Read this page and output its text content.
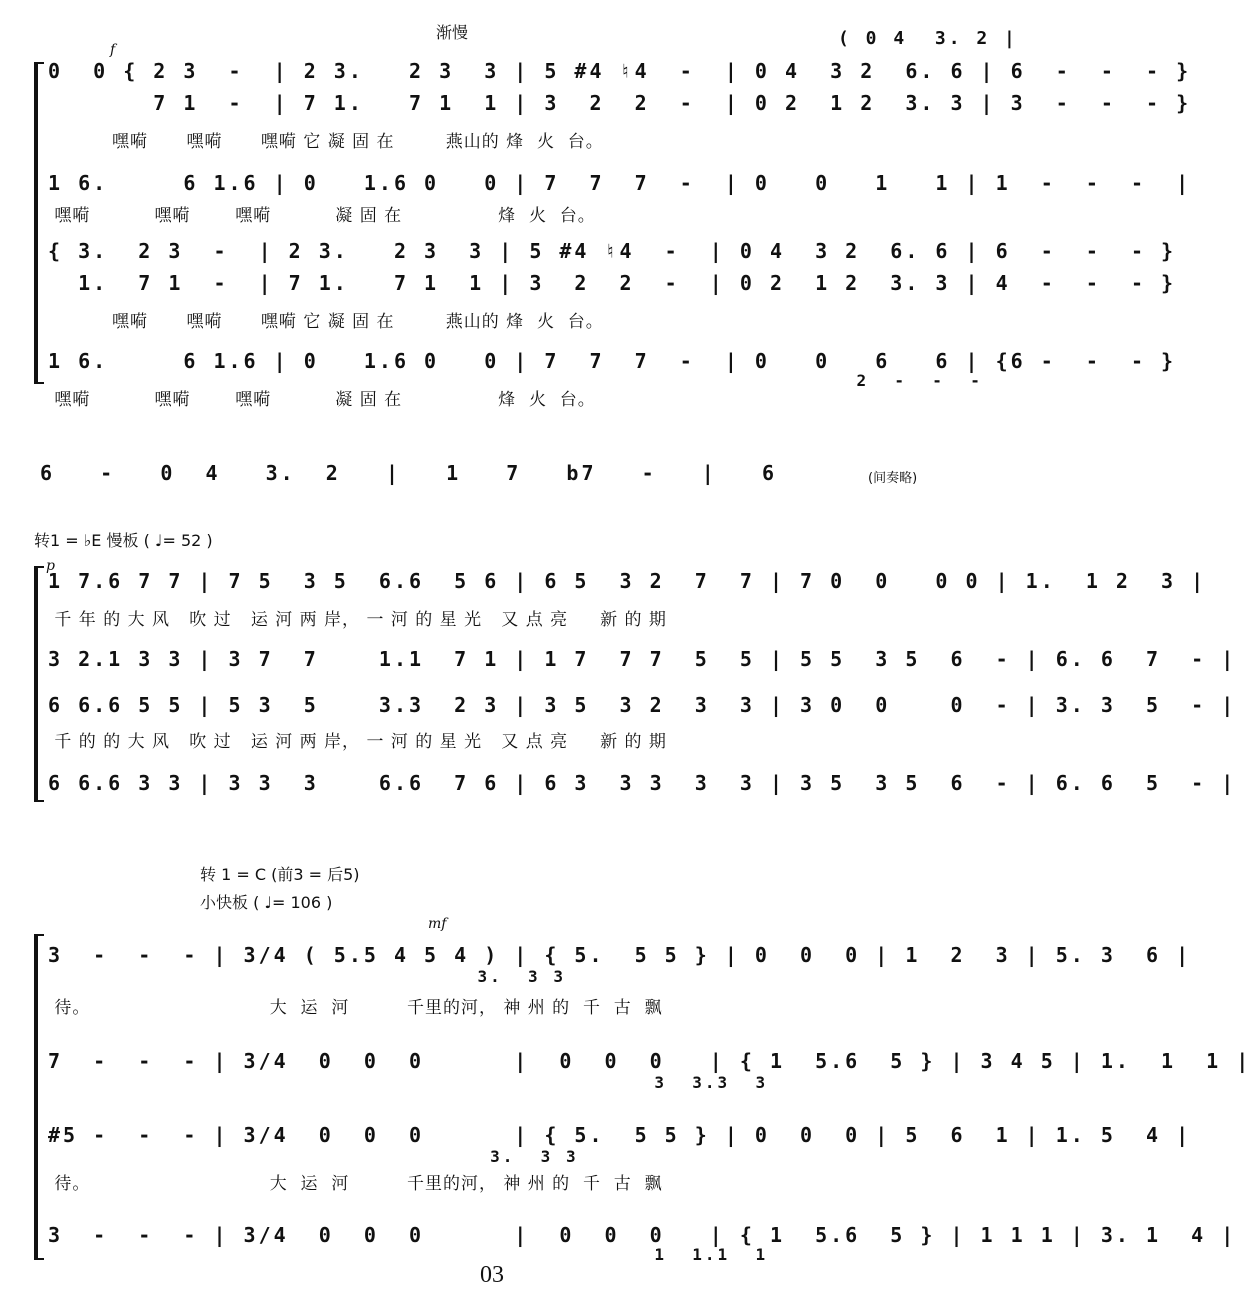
渐慢	( 0 4  3. 2 |
f
0  0 { 2 3  -  | 2 3.   2 3  3 | 5 #4 ♮4  -  | 0 4  3 2  6. 6 | 6  -  -  - }
7 1  -  | 7 1.   7 1  1 | 3  2  2  -  | 0 2  1 2  3. 3 | 3  -  -  - }
嘿嗬      嘿嗬      嘿嗬 它 凝 固 在        燕山的 烽  火  台。
1 6.     6 1.6 | 0   1.6 0   0 | 7  7  7  -  | 0   0   1   1 | 1  -  -  -  |
嘿嗬          嘿嗬       嘿嗬          凝 固 在               烽  火  台。
{ 3.  2 3  -  | 2 3.   2 3  3 | 5 #4 ♮4  -  | 0 4  3 2  6. 6 | 6  -  -  - }
1.  7 1  -  | 7 1.   7 1  1 | 3  2  2  -  | 0 2  1 2  3. 3 | 4  -  -  - }
嘿嗬      嘿嗬      嘿嗬 它 凝 固 在        燕山的 烽  火  台。
1 6.     6 1.6 | 0   1.6 0   0 | 7  7  7  -  | 0   0   6   6 | {6 -  -  - }
2  -  -  -
嘿嗬          嘿嗬       嘿嗬          凝 固 在               烽  火  台。
6   -   0  4   3.  2   |   1   7   b7   -   |   6	(间奏略)
转1 = ♭E 慢板 ( ♩= 52 )
p
1 7.6 7 7 | 7 5  3 5  6.6  5 6 | 6 5  3 2  7  7 | 7 0  0   0 0 | 1.  1 2  3 |
千 年 的 大 风   吹 过   运 河 两 岸， 一 河 的 星 光   又 点 亮     新 的 期
3 2.1 3 3 | 3 7  7    1.1  7 1 | 1 7  7 7  5  5 | 5 5  3 5  6  - | 6. 6  7  - |
6 6.6 5 5 | 5 3  5    3.3  2 3 | 3 5  3 2  3  3 | 3 0  0    0  - | 3. 3  5  - |
千 的 的 大 风   吹 过   运 河 两 岸， 一 河 的 星 光   又 点 亮     新 的 期
6 6.6 3 3 | 3 3  3    6.6  7 6 | 6 3  3 3  3  3 | 3 5  3 5  6  - | 6. 6  5  - |
转 1 = C (前3 = 后5)
小快板 ( ♩= 106 )
mf
3  -  -  - | 3/4 ( 5.5 4 5 4 ) | { 5.  5 5 } | 0  0  0 | 1  2  3 | 5. 3  6 |
3.  3 3
待。                            大  运  河         千里的河， 神 州 的  千  古  飘
7  -  -  - | 3/4  0  0  0      |  0  0  0   | { 1  5.6  5 } | 3 4 5 | 1.  1  1 |
3  3.3  3
#5 -  -  - | 3/4  0  0  0      | { 5.  5 5 } | 0  0  0 | 5  6  1 | 1. 5  4 |
3.  3 3
待。                            大  运  河         千里的河， 神 州 的  千  古  飘
3  -  -  - | 3/4  0  0  0      |  0  0  0   | { 1  5.6  5 } | 1 1 1 | 3. 1  4 |
1  1.1  1
03
